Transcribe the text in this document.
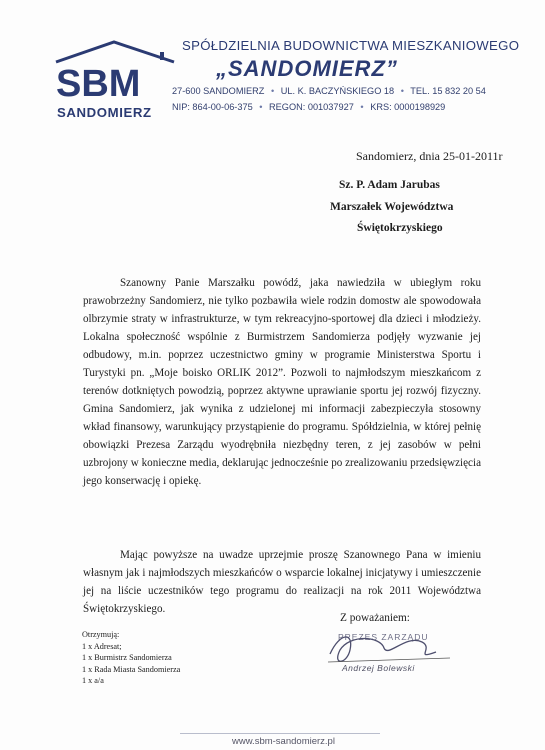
SBM
SANDOMIERZ
SPÓŁDZIELNIA BUDOWNICTWA MIESZKANIOWEGO
„SANDOMIERZ”
27-600 SANDOMIERZ • UL. K. BACZYŃSKIEGO 18 • TEL. 15 832 20 54
NIP: 864-00-06-375 • REGON: 001037927 • KRS: 0000198929
Sandomierz, dnia 25-01-2011r
Sz. P. Adam Jarubas
Marszałek Województwa
Świętokrzyskiego
Szanowny Panie Marszałku powódź, jaka nawiedziła w ubiegłym roku prawobrzeżny Sandomierz, nie tylko pozbawiła wiele rodzin domostw ale spowodowała olbrzymie straty w infrastrukturze, w tym rekreacyjno-sportowej dla dzieci i młodzieży. Lokalna społeczność wspólnie z Burmistrzem Sandomierza podjęły wyzwanie jej odbudowy, m.in. poprzez uczestnictwo gminy w programie Ministerstwa Sportu i Turystyki pn. „Moje boisko ORLIK 2012”. Pozwoli to najmłodszym mieszkańcom z terenów dotkniętych powodzią, poprzez aktywne uprawianie sportu jej rozwój fizyczny. Gmina Sandomierz, jak wynika z udzielonej mi informacji zabezpieczyła stosowny wkład finansowy, warunkujący przystąpienie do programu. Spółdzielnia, w której pełnię obowiązki Prezesa Zarządu wyodrębniła niezbędny teren, z jej zasobów w pełni uzbrojony w konieczne media, deklarując jednocześnie po zrealizowaniu przedsięwzięcia jego konserwację i opiekę.
Mając powyższe na uwadze uprzejmie proszę Szanownego Pana w imieniu własnym jak i najmłodszych mieszkańców o wsparcie lokalnej inicjatywy i umieszczenie jej na liście uczestników tego programu do realizacji na rok 2011 Województwa Świętokrzyskiego.
Z poważaniem:
PREZES ZARZĄDU
Andrzej Bolewski
Otrzymują:
1 x Adresat;
1 x Burmistrz Sandomierza
1 x Rada Miasta Sandomierza
1 x a/a
www.sbm-sandomierz.pl
